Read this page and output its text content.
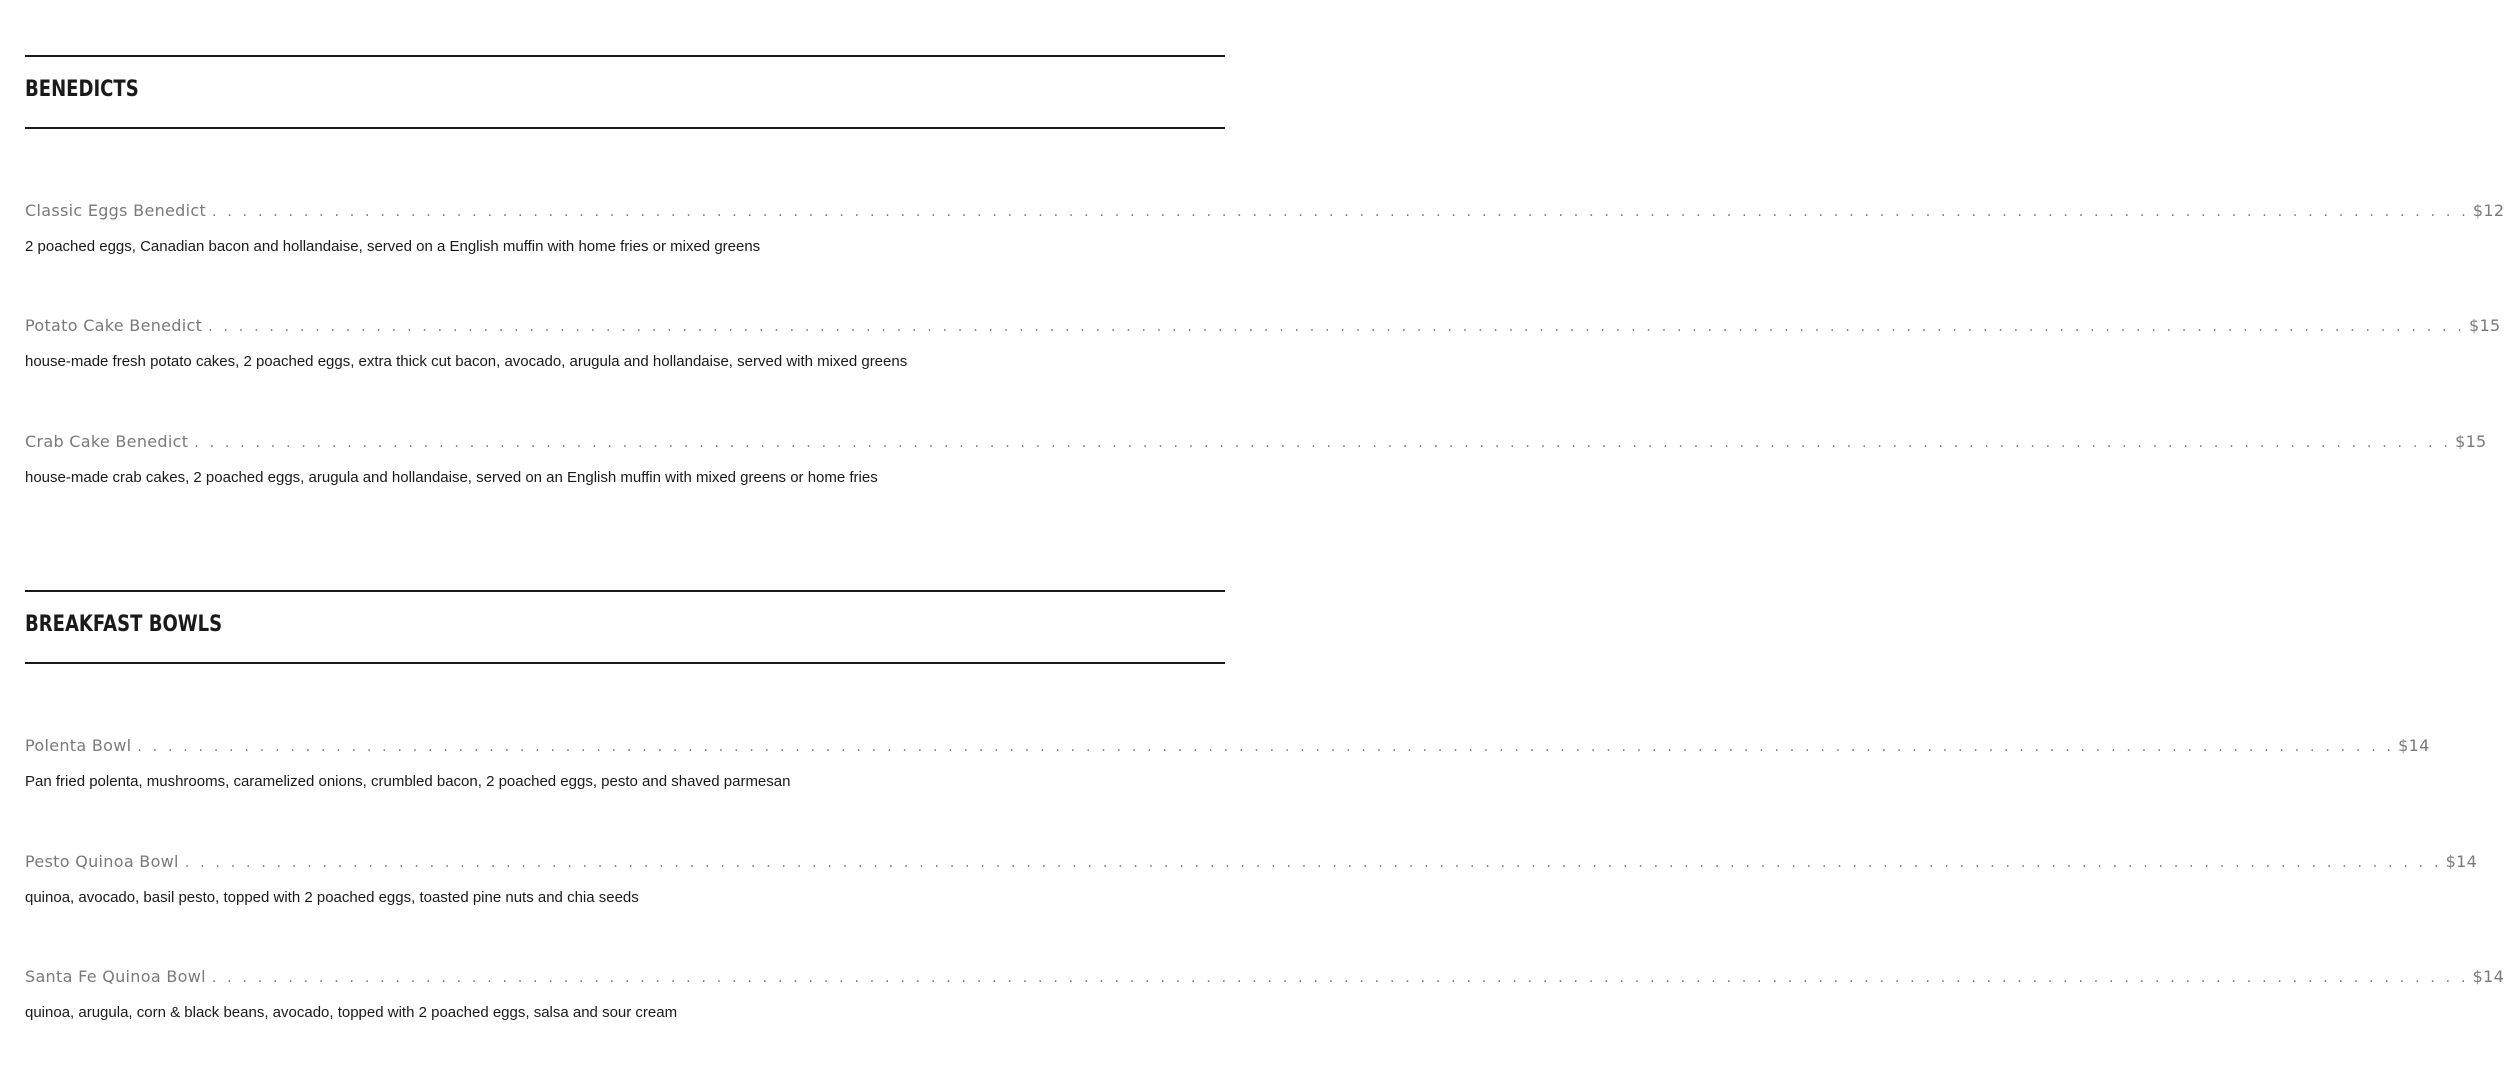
BENEDICTS
Classic Eggs Benedict . . . . . . . . . . . . . . . . . . . . . . . . . . . . . . . . . . . . . . . . . . . . . . . . . . . . . . . . . . . . . . . . . . . . . . . . . . . . . . . . . . . . . . . . . . . . . . . . . . . . . . . . . . . . . . . . . . . . . . . . . . . . . . . . . . . . . . . . . . . . . . . . . . . . $12

2 poached eggs, Canadian bacon and hollandaise, served on a English muffin with home fries or mixed greens

Potato Cake Benedict . . . . . . . . . . . . . . . . . . . . . . . . . . . . . . . . . . . . . . . . . . . . . . . . . . . . . . . . . . . . . . . . . . . . . . . . . . . . . . . . . . . . . . . . . . . . . . . . . . . . . . . . . . . . . . . . . . . . . . . . . . . . . . . . . . . . . . . . . . . . . . . . . . . . $15

house-made fresh potato cakes, 2 poached eggs, extra thick cut bacon, avocado, arugula and hollandaise, served with mixed greens

Crab Cake Benedict . . . . . . . . . . . . . . . . . . . . . . . . . . . . . . . . . . . . . . . . . . . . . . . . . . . . . . . . . . . . . . . . . . . . . . . . . . . . . . . . . . . . . . . . . . . . . . . . . . . . . . . . . . . . . . . . . . . . . . . . . . . . . . . . . . . . . . . . . . . . . . . . . . . . $15

house-made crab cakes, 2 poached eggs, arugula and hollandaise, served on an English muffin with mixed greens or home fries

BREAKFAST BOWLS
Polenta Bowl . . . . . . . . . . . . . . . . . . . . . . . . . . . . . . . . . . . . . . . . . . . . . . . . . . . . . . . . . . . . . . . . . . . . . . . . . . . . . . . . . . . . . . . . . . . . . . . . . . . . . . . . . . . . . . . . . . . . . . . . . . . . . . . . . . . . . . . . . . . . . . . . . . . . $14

Pan fried polenta, mushrooms, caramelized onions, crumbled bacon, 2 poached eggs, pesto and shaved parmesan

Pesto Quinoa Bowl . . . . . . . . . . . . . . . . . . . . . . . . . . . . . . . . . . . . . . . . . . . . . . . . . . . . . . . . . . . . . . . . . . . . . . . . . . . . . . . . . . . . . . . . . . . . . . . . . . . . . . . . . . . . . . . . . . . . . . . . . . . . . . . . . . . . . . . . . . . . . . . . . . . . $14

quinoa, avocado, basil pesto, topped with 2 poached eggs, toasted pine nuts and chia seeds

Santa Fe Quinoa Bowl . . . . . . . . . . . . . . . . . . . . . . . . . . . . . . . . . . . . . . . . . . . . . . . . . . . . . . . . . . . . . . . . . . . . . . . . . . . . . . . . . . . . . . . . . . . . . . . . . . . . . . . . . . . . . . . . . . . . . . . . . . . . . . . . . . . . . . . . . . . . . . . . . . . . $14

quinoa, arugula, corn & black beans, avocado, topped with 2 poached eggs, salsa and sour cream
